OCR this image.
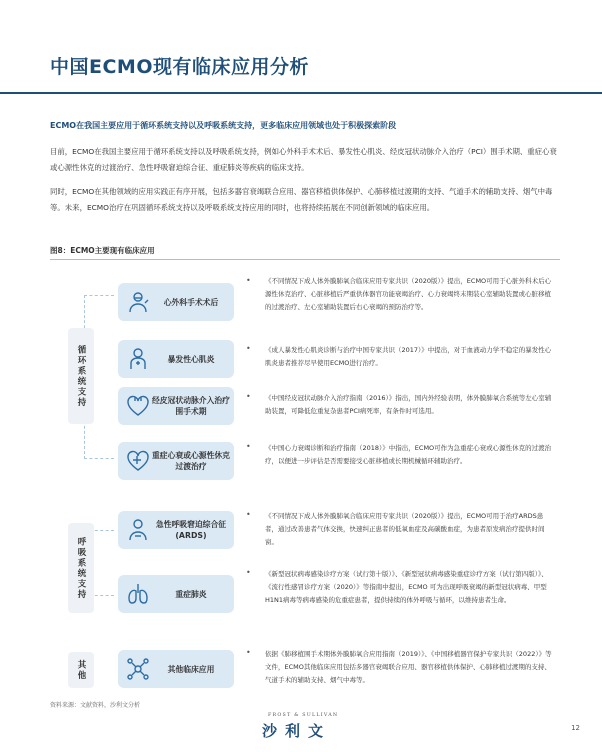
中国ECMO现有临床应用分析
ECMO在我国主要应用于循环系统支持以及呼吸系统支持，更多临床应用领域也处于积极探索阶段

目前，ECMO在我国主要应用于循环系统支持以及呼吸系统支持，例如心外科手术术后、暴发性心肌炎、经皮冠状动脉介入治疗（PCI）围手术期、重症心衰或心源性休克的过渡治疗、急性呼吸窘迫综合征、重症肺炎等疾病的临床支持。

同时，ECMO在其他领域的应用实践正有序开展，包括多器官衰竭联合应用、器官移植供体保护、心肺移植过渡期的支持、气道手术的辅助支持、烟气中毒等。未来，ECMO治疗在巩固循环系统支持以及呼吸系统支持应用的同时，也将持续拓展在不同创新领域的临床应用。

图8：ECMO主要现有临床应用
循环系统支持
呼吸系统支持
其他
心外科手术术后
• 《不同情况下成人体外膜肺氧合临床应用专家共识（2020版）》提出，ECMO可用于心脏外科术后心源性休克治疗、心脏移植后严重供体器官功能衰竭治疗、心力衰竭终末期装心室辅助装置或心脏移植的过渡治疗、左心室辅助装置后右心衰竭的预防治疗等。
暴发性心肌炎
• 《成人暴发性心肌炎诊断与治疗中国专家共识（2017）》中提出，对于血液动力学不稳定的暴发性心肌炎患者推荐尽早使用ECMO进行治疗。
经皮冠状动脉介入治疗围手术期
• 《中国经皮冠状动脉介入治疗指南（2016）》指出，国内外经验表明，体外膜肺氧合系统等左心室辅助装置，可降低危重复杂患者PCI病死率，有条件时可选用。
重症心衰或心源性休克过渡治疗
• 《中国心力衰竭诊断和治疗指南（2018）》中指出，ECMO可作为急重症心衰或心源性休克的过渡治疗，以便进一步评估是否需要接受心脏移植或长期机械循环辅助治疗。
急性呼吸窘迫综合征 (ARDS)
• 《不同情况下成人体外膜肺氧合临床应用专家共识（2020版）》提出，ECMO可用于治疗ARDS患者，通过改善患者气体交换，快速纠正患者的低氧血症及高碳酸血症，为患者原发病治疗提供时间窗。
重症肺炎
• 《新型冠状病毒感染诊疗方案（试行第十版）》、《新型冠状病毒感染重症诊疗方案（试行第四版）》、《流行性感冒诊疗方案（2020）》等指南中提出，ECMO 可为出现呼吸衰竭的新型冠状病毒、甲型H1N1病毒等病毒感染的危重症患者，提供持续的体外呼吸与循环，以维持患者生命。
其他临床应用
• 依据《肺移植围手术期体外膜肺氧合应用指南（2019）》、《中国移植器官保护专家共识（2022）》等文件，ECMO其他临床应用包括多器官衰竭联合应用、器官移植供体保护、心肺移植过渡期的支持、气道手术的辅助支持、烟气中毒等。
资料来源：文献资料，沙利文分析
FROST & SULLIVAN
沙利文	12
